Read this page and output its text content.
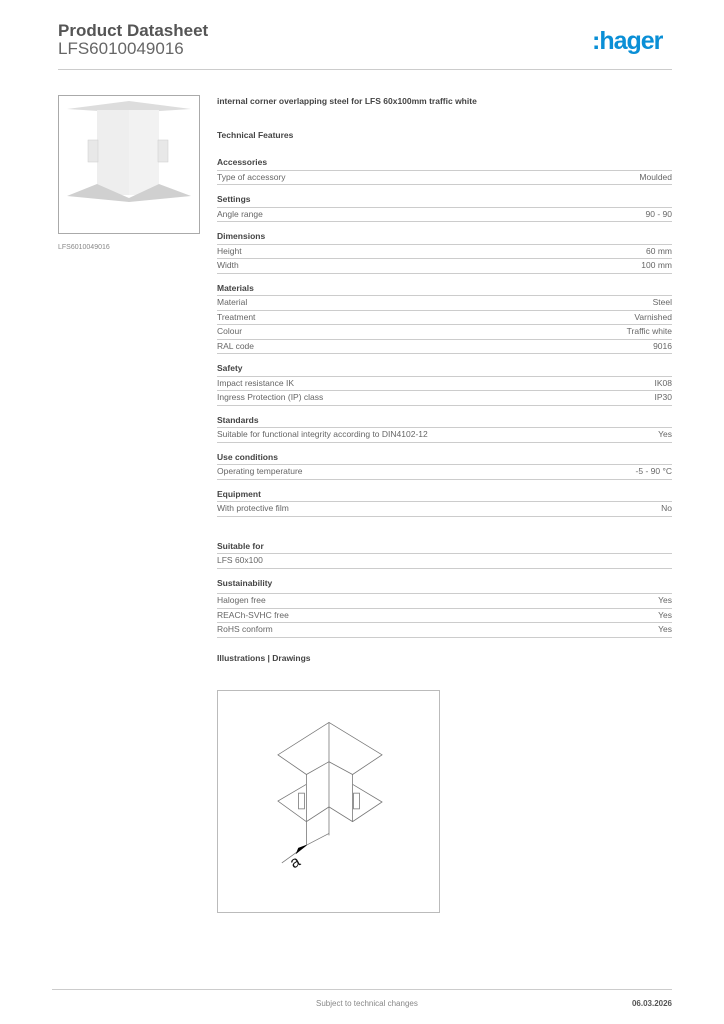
Product Datasheet
LFS6010049016	:hager
LFS6010049016
internal corner overlapping steel for LFS 60x100mm traffic white
Technical Features
Accessories
Type of accessory	Moulded
Settings
Angle range	90 - 90
Dimensions
Height	60 mm
Width	100 mm
Materials
Material	Steel
Treatment	Varnished
Colour	Traffic white
RAL code	9016
Safety
Impact resistance IK	IK08
Ingress Protection (IP) class	IP30
Standards
Suitable for functional integrity according to DIN4102-12	Yes
Use conditions
Operating temperature	-5 - 90 °C
Equipment
With protective film	No
Suitable for
LFS 60x100
Sustainability
Halogen free	Yes
REACh-SVHC free	Yes
RoHS conform	Yes
Illustrations | Drawings
a
Subject to technical changes	06.03.2026
